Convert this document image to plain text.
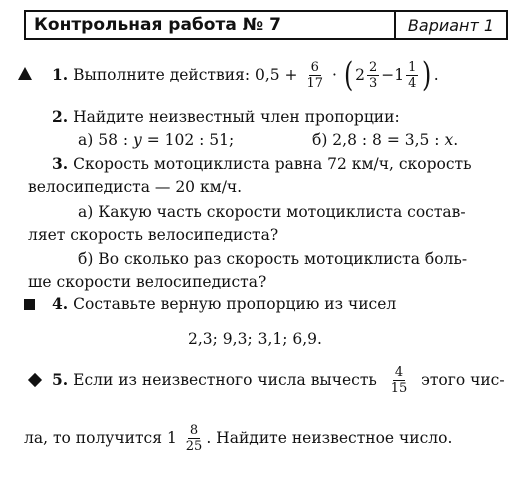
Контрольная работа № 7	Вариант 1
1.
Выполните действия: 0,5 +
$\frac{6}{17}$
·
( $2 \frac{2}{3} - 1 \frac{1}{4}$ ) .
2. Найдите неизвестный член пропорции:
а) 58 : y = 102 : 51;	б) 2,8 : 8 = 3,5 : x.
3. Скорость мотоциклиста равна 72 км/ч, скорость
велосипедиста — 20 км/ч.
а) Какую часть скорости мотоциклиста состав-
ляет скорость велосипедиста?
б) Во сколько раз скорость мотоциклиста боль-
ше скорости велосипедиста?
4. Составьте верную пропорцию из чисел
2,3; 9,3; 3,1; 6,9.
5.
Если из неизвестного числа вычесть
$\frac{4}{15}$
этого чис-
ла, то получится
1
$\frac{8}{25}$ . Найдите неизвестное число.
